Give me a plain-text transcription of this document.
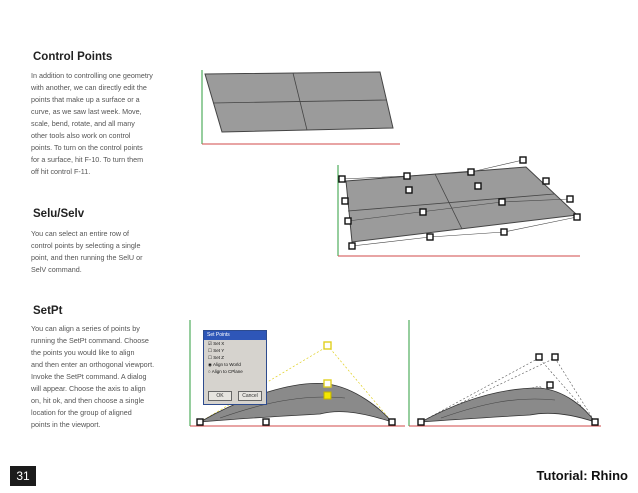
Control Points

In addition to controlling one geometry
with another, we can directly edit the
points that make up a surface or a
curve, as we saw last week. Move,
scale, bend, rotate, and all many
other tools also work on control
points. To turn on the control points
for a surface, hit F-10. To turn them
off hit control F-11.

Selu/Selv

You can select an entire row of
control points by selecting a single
point, and then running the SelU or
SelV command.

SetPt

You can align a series of points by
running the SetPt command. Choose
the points you would like to align
and then enter an orthogonal viewport.
Invoke the SetPt command. A dialog
will appear. Choose the axis to align
on, hit ok, and then choose a single
location for the group of aligned
points in the viewport.

Set Points
☑ Set X
☐ Set Y
☐ Set Z
◉ Align to World
○ Align to CPlane
OK	Cancel
31	Tutorial: Rhino
